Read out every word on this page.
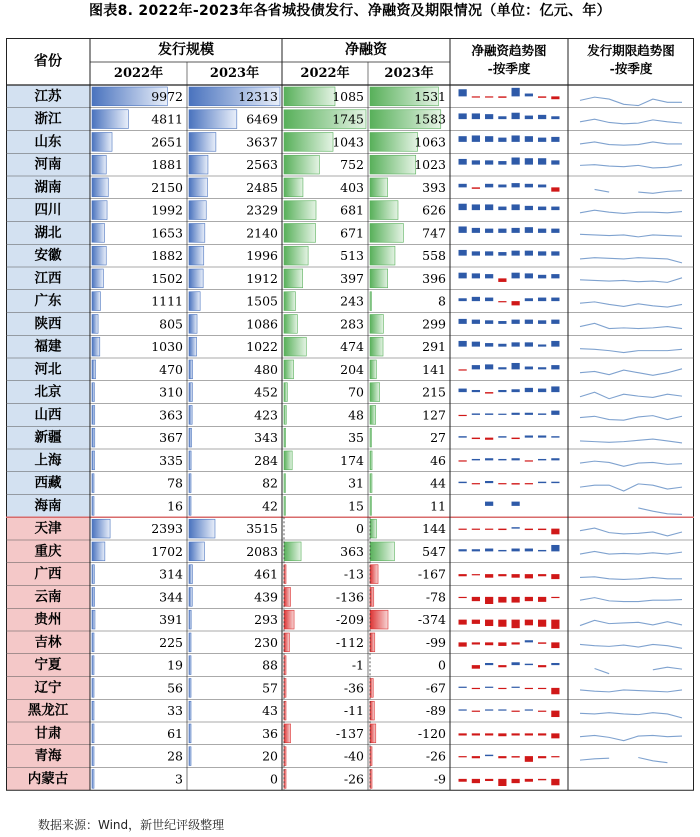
图表8. 2022年-2023年各省城投债发行、净融资及期限情况（单位：亿元、年）
省份
发行规模	净融资
2022年	2023年	2022年	2023年
净融资趋势图-按季度
发行期限趋势图-按季度
江苏	9972	12313	1085	1531
浙江	4811	6469	1745	1583
山东	2651	3637	1043	1063
河南	1881	2563	752	1023
湖南	2150	2485	403	393
四川	1992	2329	681	626
湖北	1653	2140	671	747
安徽	1882	1996	513	558
江西	1502	1912	397	396
广东	1111	1505	243	8
陕西	805	1086	283	299
福建	1030	1022	474	291
河北	470	480	204	141
北京	310	452	70	215
山西	363	423	48	127
新疆	367	343	35	27
上海	335	284	174	46
西藏	78	82	31	44
海南	16	42	15	11
天津	2393	3515	0	144
重庆	1702	2083	363	547
广西	314	461	-13	-167
云南	344	439	-136	-78
贵州	391	293	-209	-374
吉林	225	230	-112	-99
宁夏	19	88	-1	0
辽宁	56	57	-36	-67
黑龙江	33	43	-11	-89
甘肃	61	36	-137	-120
青海	28	20	-40	-26
内蒙古	3	0	-26	-9
数据来源：Wind，新世纪评级整理
